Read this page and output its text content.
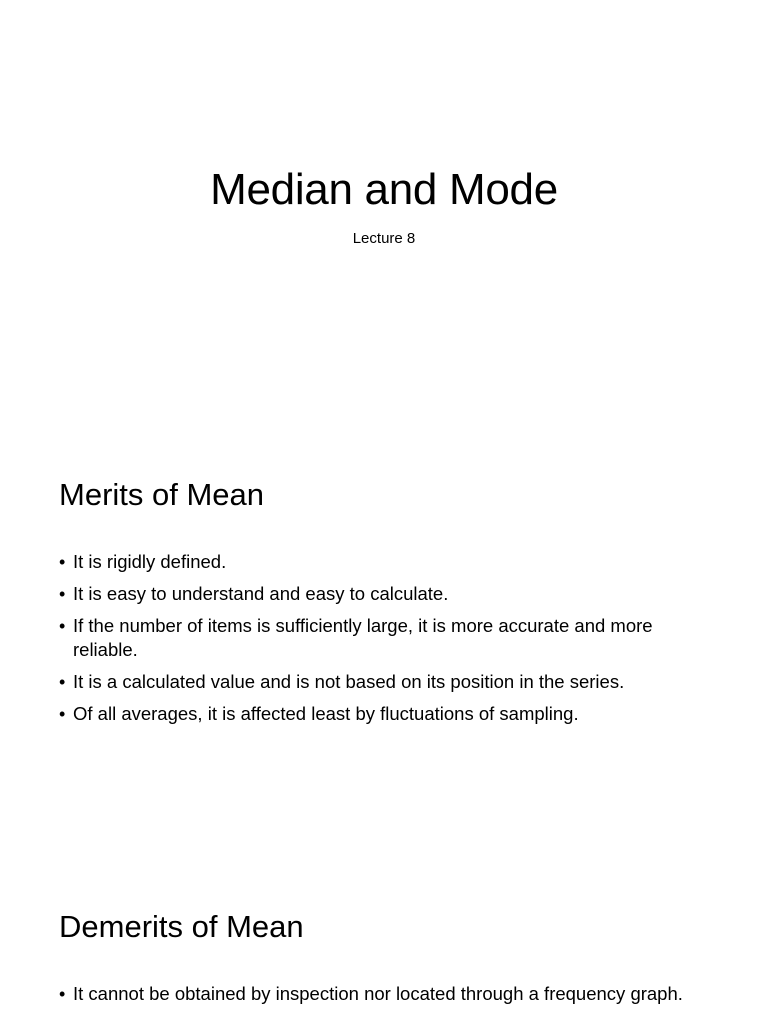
Median and Mode

Lecture 8

Merits of Mean
• It is rigidly defined.
• It is easy to understand and easy to calculate.
• If the number of items is sufficiently large, it is more accurate and more reliable.
• It is a calculated value and is not based on its position in the series.
• Of all averages, it is affected least by fluctuations of sampling.
Demerits of Mean
• It cannot be obtained by inspection nor located through a frequency graph.
